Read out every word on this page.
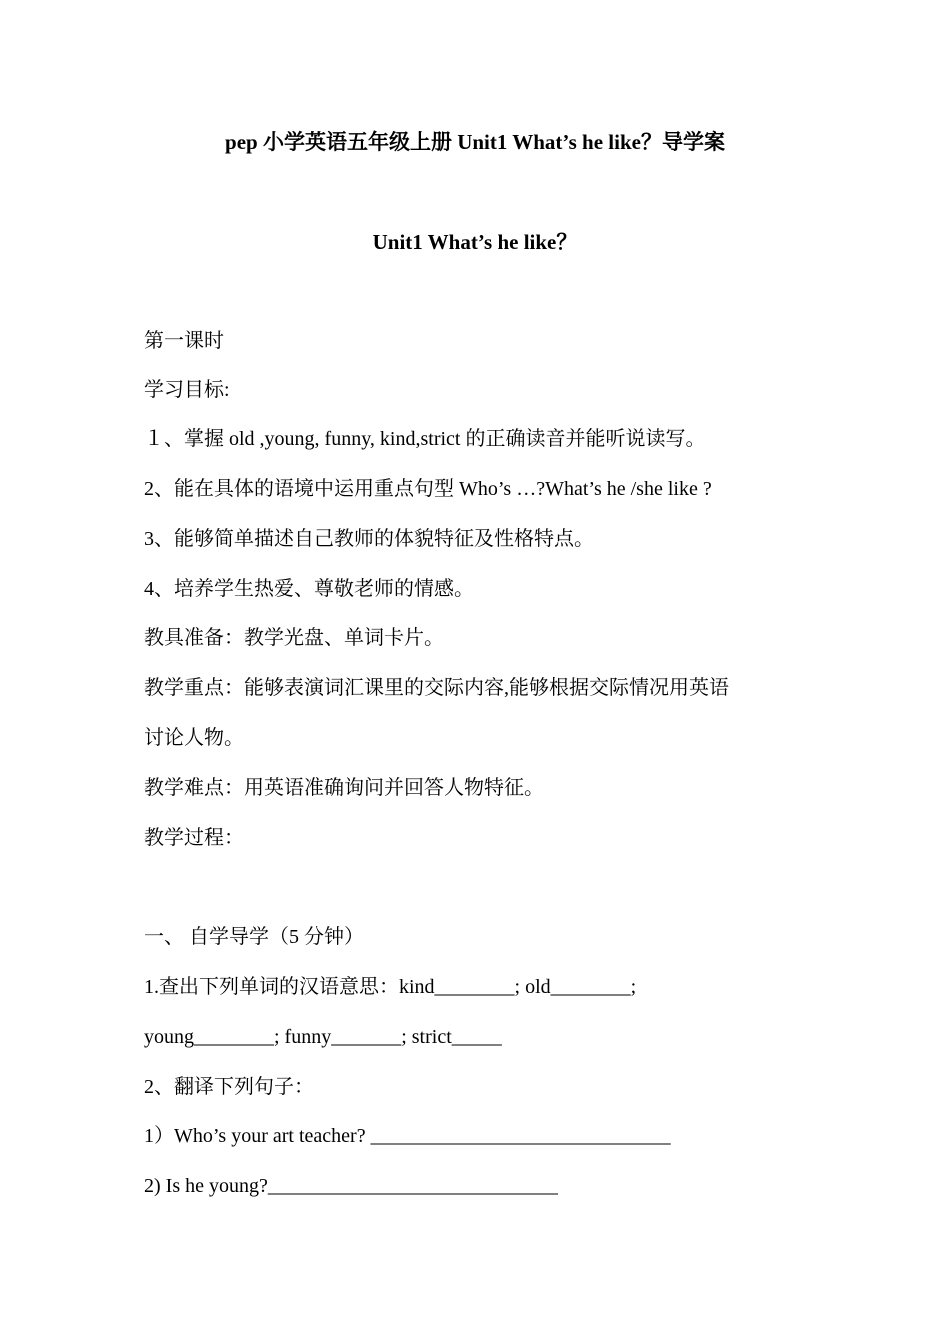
pep 小学英语五年级上册 Unit1 What’s he like？导学案
Unit1 What’s he like？
第一课时
学习目标:
１、掌握 old ,young, funny, kind,strict 的正确读音并能听说读写。
2、能在具体的语境中运用重点句型 Who’s …?What’s he /she like ?
3、能够简单描述自己教师的体貌特征及性格特点。
4、培养学生热爱、尊敬老师的情感。
教具准备：教学光盘、单词卡片。
教学重点：能够表演词汇课里的交际内容,能够根据交际情况用英语
讨论人物。
教学难点：用英语准确询问并回答人物特征。
教学过程：
一、 自学导学（5 分钟）
1.查出下列单词的汉语意思：kind________; old________;
young________; funny_______; strict_____
2、翻译下列句子：
1）Who’s your art teacher? ______________________________
2) Is he young?_____________________________
